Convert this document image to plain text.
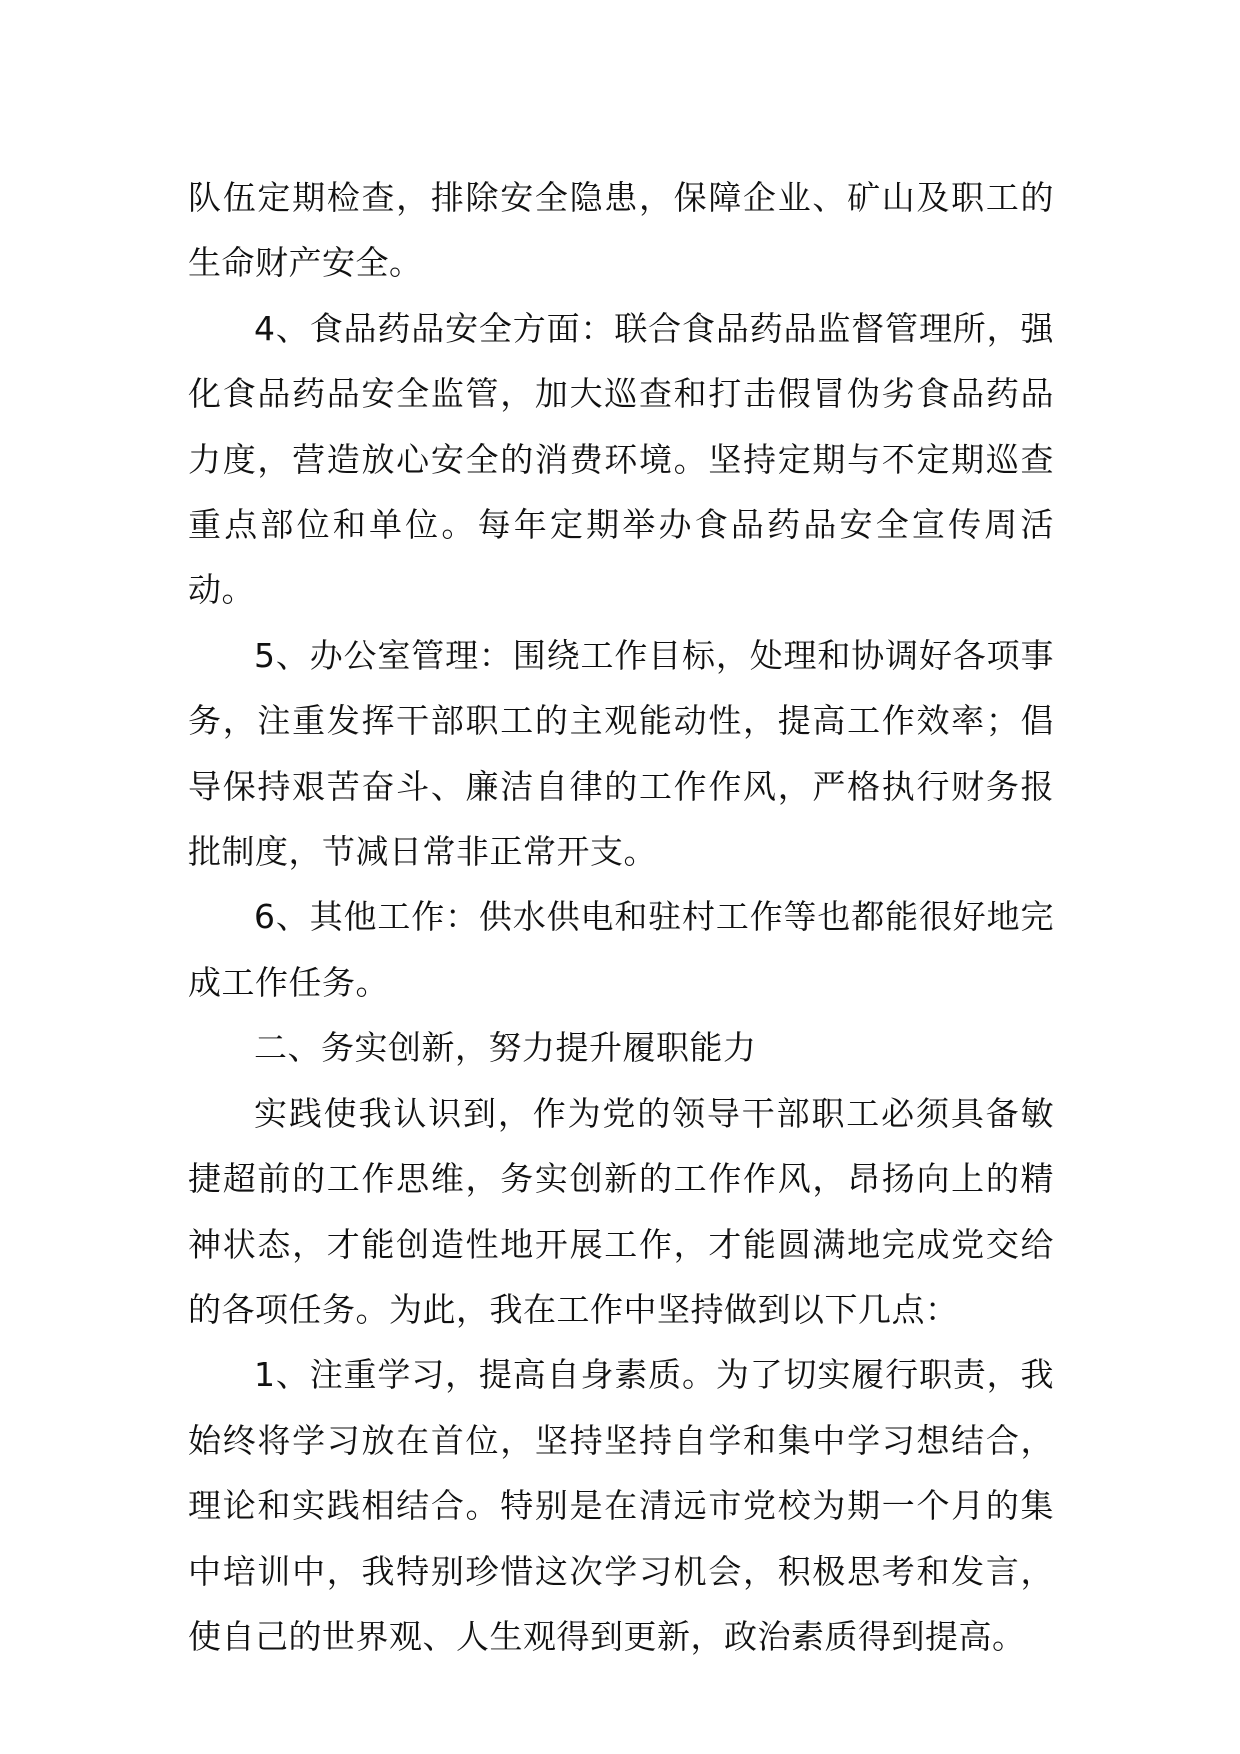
队伍定期检查，排除安全隐患，保障企业、矿山及职工的生命财产安全。

4、食品药品安全方面：联合食品药品监督管理所，强化食品药品安全监管，加大巡查和打击假冒伪劣食品药品力度，营造放心安全的消费环境。坚持定期与不定期巡查重点部位和单位。每年定期举办食品药品安全宣传周活动。

5、办公室管理：围绕工作目标，处理和协调好各项事务，注重发挥干部职工的主观能动性，提高工作效率；倡导保持艰苦奋斗、廉洁自律的工作作风，严格执行财务报批制度，节减日常非正常开支。

6、其他工作：供水供电和驻村工作等也都能很好地完成工作任务。

二、务实创新，努力提升履职能力

实践使我认识到，作为党的领导干部职工必须具备敏捷超前的工作思维，务实创新的工作作风，昂扬向上的精神状态，才能创造性地开展工作，才能圆满地完成党交给的各项任务。为此，我在工作中坚持做到以下几点：

1、注重学习，提高自身素质。为了切实履行职责，我始终将学习放在首位，坚持坚持自学和集中学习想结合，理论和实践相结合。特别是在清远市党校为期一个月的集中培训中，我特别珍惜这次学习机会，积极思考和发言，使自己的世界观、人生观得到更新，政治素质得到提高。
